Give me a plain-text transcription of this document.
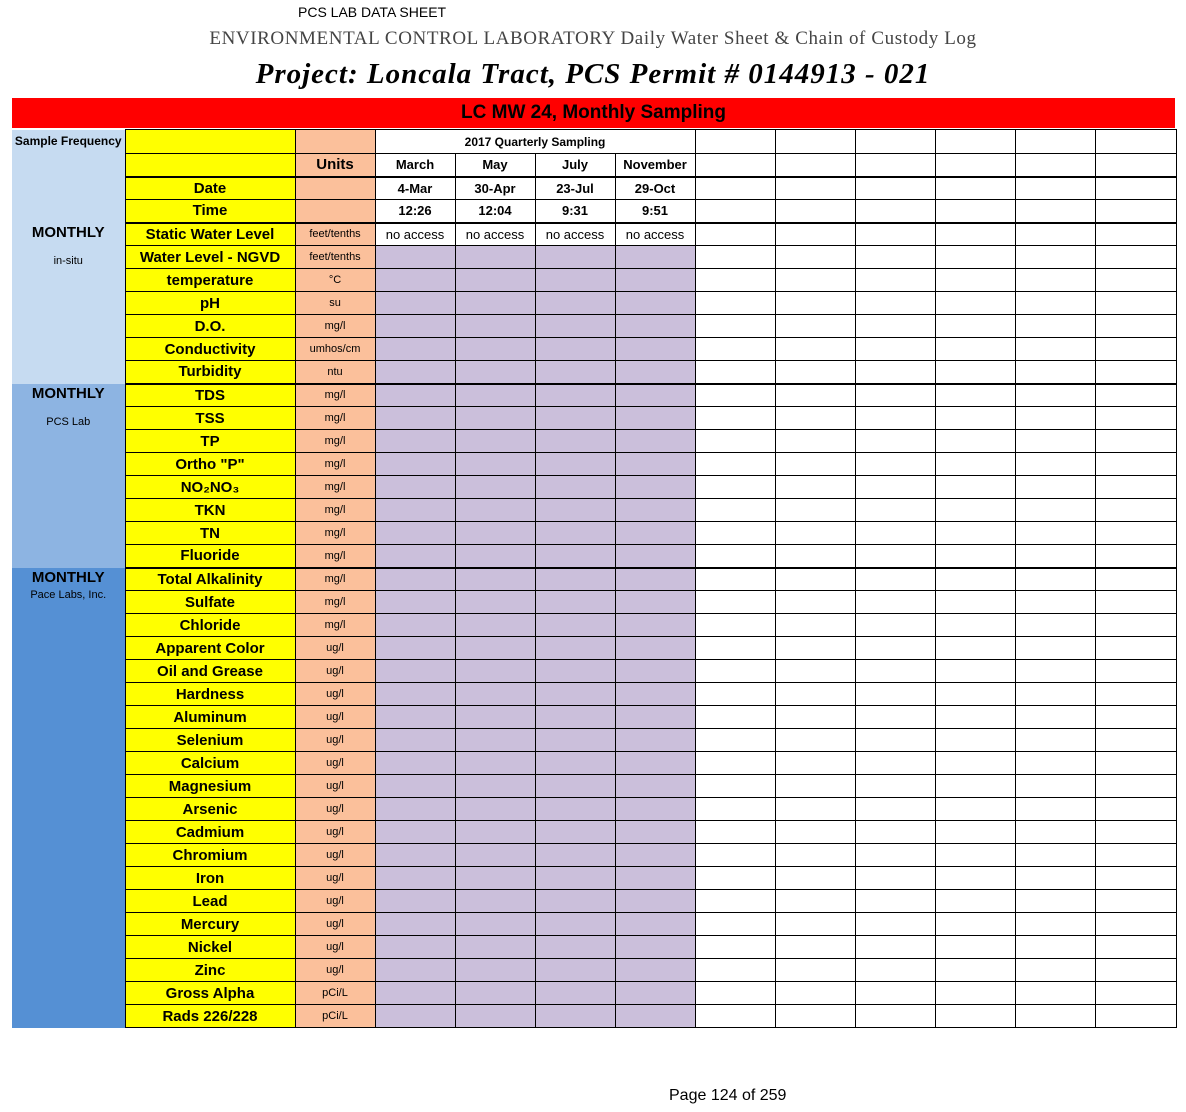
PCS LAB DATA SHEET
ENVIRONMENTAL CONTROL LABORATORY Daily Water Sheet & Chain of Custody Log
Project: Loncala Tract, PCS Permit # 0144913 - 021
LC MW 24, Monthly Sampling
Sample Frequency			2017 Quarterly Sampling									
		Units	March	May	July	November						
	Date		4-Mar	30-Apr	23-Jul	29-Oct						
	Time		12:26	12:04	9:31	9:51						

MONTHLY
in-situ	Static Water Level	feet/tenths	no access	no access	no access	no access						
	Water Level - NGVD	feet/tenths										
	temperature	°C										
	pH	su										
	D.O.	mg/l										
	Conductivity	umhos/cm										
	Turbidity	ntu										

MONTHLY
PCS Lab	TDS	mg/l										
	TSS	mg/l										
	TP	mg/l										
	Ortho "P"	mg/l										
	NO₂NO₃	mg/l										
	TKN	mg/l										
	TN	mg/l										
	Fluoride	mg/l										

MONTHLY
Pace Labs, Inc.	Total Alkalinity	mg/l										
	Sulfate	mg/l										
	Chloride	mg/l										
	Apparent Color	ug/l										
	Oil and Grease	ug/l										
	Hardness	ug/l										
	Aluminum	ug/l										
	Selenium	ug/l										
	Calcium	ug/l										
	Magnesium	ug/l										
	Arsenic	ug/l										
	Cadmium	ug/l										
	Chromium	ug/l										
	Iron	ug/l										
	Lead	ug/l										
	Mercury	ug/l										
	Nickel	ug/l										
	Zinc	ug/l										
	Gross Alpha	pCi/L										
	Rads 226/228	pCi/L										
Page 124 of 259
